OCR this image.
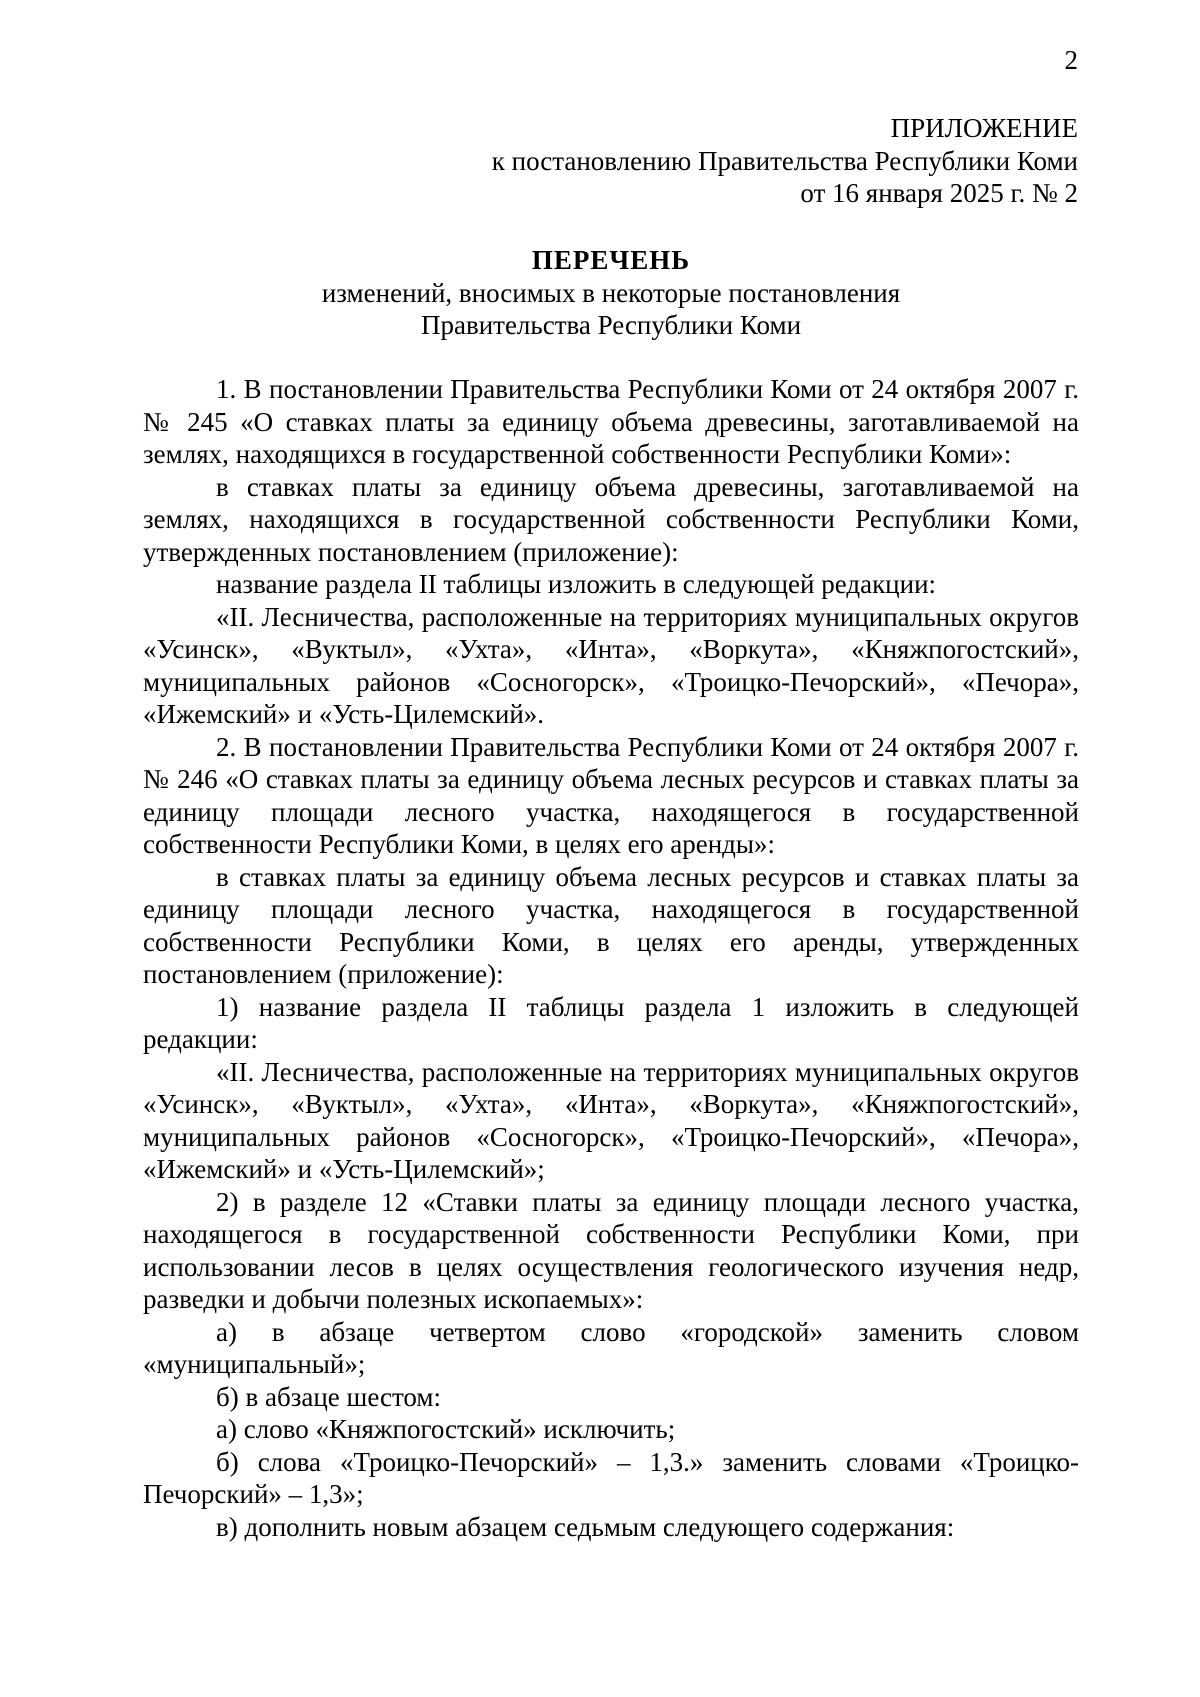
2
ПРИЛОЖЕНИЕ
к постановлению Правительства Республики Коми
от 16 января 2025 г. № 2
ПЕРЕЧЕНЬ
изменений, вносимых в некоторые постановления
Правительства Республики Коми

1. В постановлении Правительства Республики Коми от 24 октября 2007 г. № 245 «О ставках платы за единицу объема древесины, заготавливаемой на землях, находящихся в государственной собственности Республики Коми»:

в ставках платы за единицу объема древесины, заготавливаемой на землях, находящихся в государственной собственности Республики Коми, утвержденных постановлением (приложение):

название раздела II таблицы изложить в следующей редакции:

«II. Лесничества, расположенные на территориях муниципальных округов «Усинск», «Вуктыл», «Ухта», «Инта», «Воркута», «Княжпогостский», муниципальных районов «Сосногорск», «Троицко-Печорский», «Печора», «Ижемский» и «Усть-Цилемский».

2. В постановлении Правительства Республики Коми от 24 октября 2007 г. № 246 «О ставках платы за единицу объема лесных ресурсов и ставках платы за единицу площади лесного участка, находящегося в государственной собственности Республики Коми, в целях его аренды»:

в ставках платы за единицу объема лесных ресурсов и ставках платы за единицу площади лесного участка, находящегося в государственной собственности Республики Коми, в целях его аренды, утвержденных постановлением (приложение):

1) название раздела II таблицы раздела 1 изложить в следующей редакции:

«II. Лесничества, расположенные на территориях муниципальных округов «Усинск», «Вуктыл», «Ухта», «Инта», «Воркута», «Княжпогостский», муниципальных районов «Сосногорск», «Троицко-Печорский», «Печора», «Ижемский» и «Усть-Цилемский»;

2) в разделе 12 «Ставки платы за единицу площади лесного участка, находящегося в государственной собственности Республики Коми, при использовании лесов в целях осуществления геологического изучения недр, разведки и добычи полезных ископаемых»:

а) в абзаце четвертом слово «городской» заменить словом «муниципальный»;

б) в абзаце шестом:

а) слово «Княжпогостский» исключить;

б) слова «Троицко-Печорский» – 1,3.» заменить словами «Троицко-Печорский» – 1,3»;

в) дополнить новым абзацем седьмым следующего содержания:
